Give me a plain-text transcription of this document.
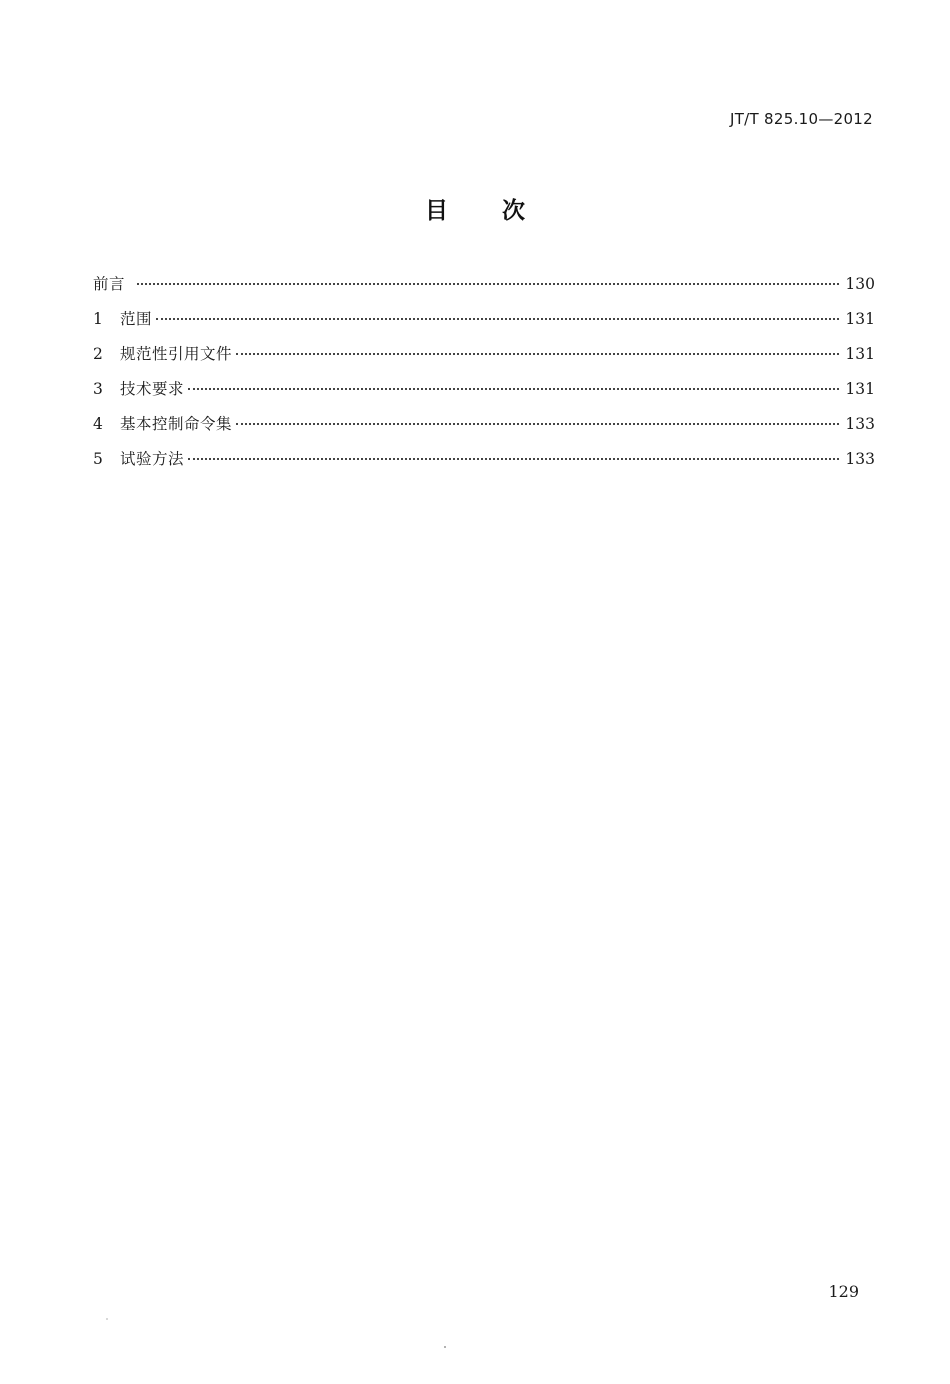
JT/T 825.10—2012
目次
前言	130
1	范围	131
2	规范性引用文件	131
3	技术要求	131
4	基本控制命令集	133
5	试验方法	133
129
